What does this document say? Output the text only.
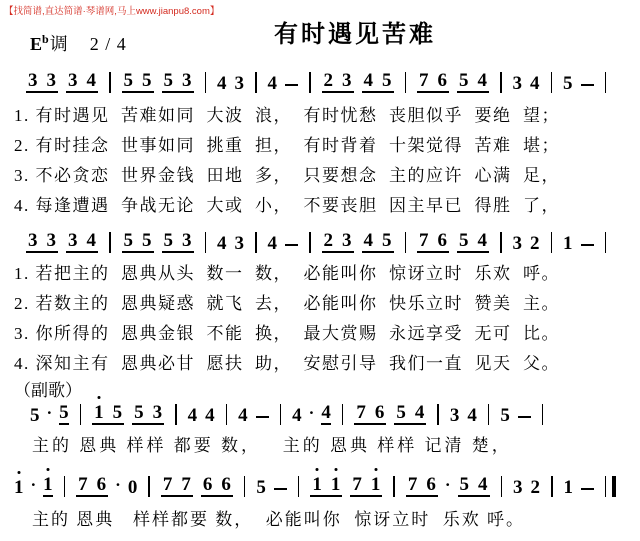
【找简谱,直达简谱·琴谱网,马上www.jianpu8.com】
$E^b$调 2 / 4	有时遇见苦难
3 3 3 4 5 5 5 3 4 3 4 2 3 4 5 7 6 5 4 3 4 5
1. 有时遇见  苦难如同  大波  浪，  有时忧愁  丧胆似乎  要绝  望；
2. 有时挂念  世事如同  挑重  担，  有时背着  十架觉得  苦难  堪；
3. 不必贪恋  世界金钱  田地  多，  只要想念  主的应许  心满  足，
4. 每逢遭遇  争战无论  大或  小，  不要丧胆  因主早已  得胜  了，
3 3 3 4 5 5 5 3 4 3 4 2 3 4 5 7 6 5 4 3 2 1
1. 若把主的  恩典从头  数一  数，  必能叫你  惊讶立时  乐欢  呼。
2. 若数主的  恩典疑惑  就飞  去，  必能叫你  快乐立时  赞美  主。
3. 你所得的  恩典金银  不能  换，  最大赏赐  永远享受  无可  比。
4. 深知主有  恩典必甘  愿扶  助，  安慰引导  我们一直  见天  父。
（副歌）
5 · 5 1 5 5 3 4 4 4 4 · 4 7 6 5 4 3 4 5
主的 恩典 样样 都要 数，   主的 恩典 样样 记清 楚，
1 · 1 7 6 · 0 7 7 6 6 5 1 1 7 1 7 6 · 5 4 3 2 1
主的 恩典   样样都要 数，  必能叫你  惊讶立时  乐欢 呼。
